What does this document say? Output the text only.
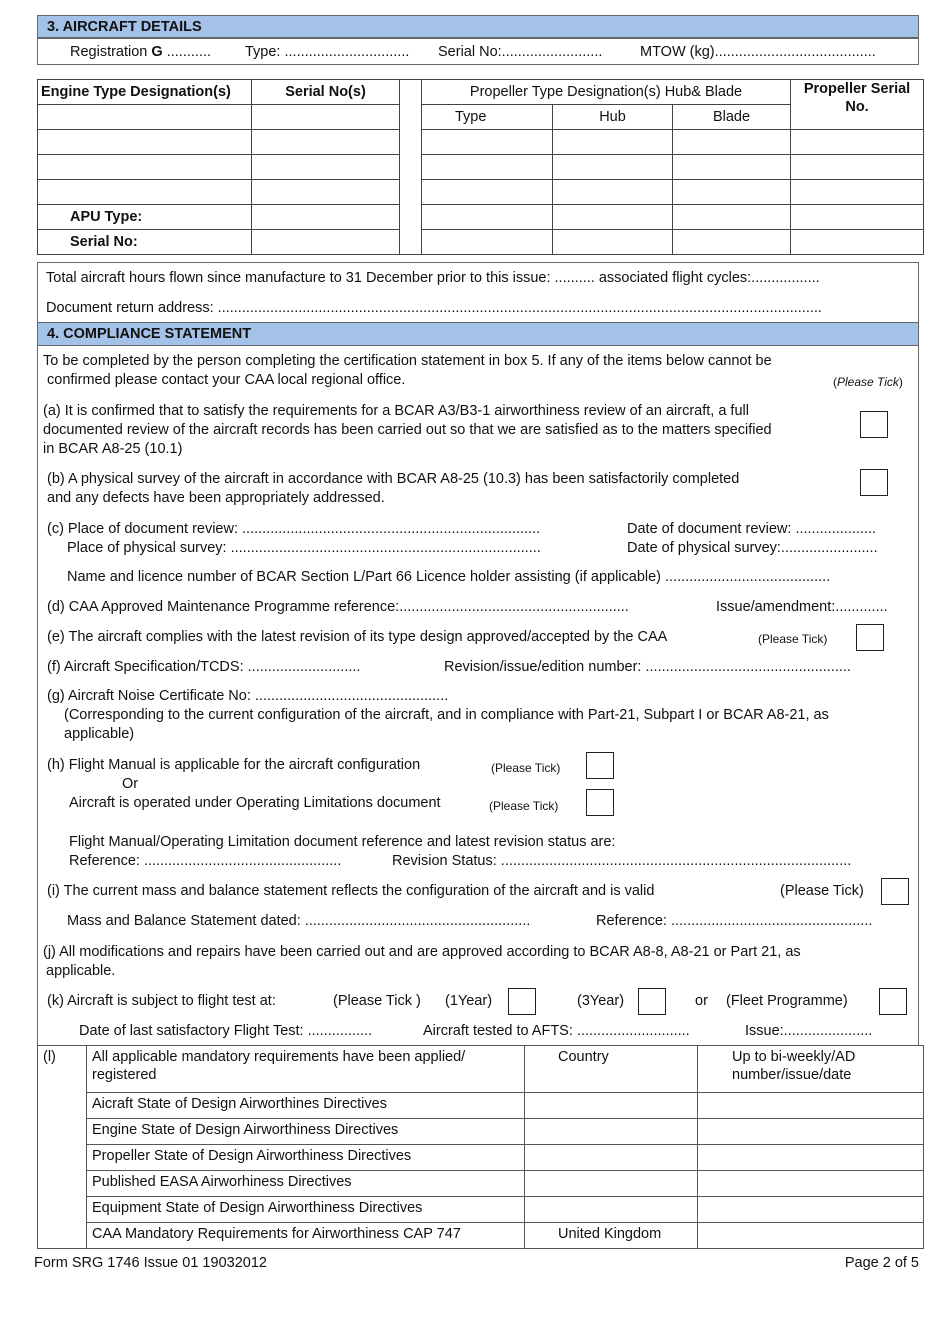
3. AIRCRAFT DETAILS
Registration G ........... Type: ............................... Serial No:.........................	MTOW (kg)........................................
Engine Type Designation(s)	Serial No(s)		Propeller Type Designation(s) Hub& Blade			Propeller Serial No.
			Type	Hub	Blade	

APU Type:						
Serial No:						
Total aircraft hours flown since manufacture to 31 December prior to this issue: .......... associated flight cycles:.................
Document return address: ......................................................................................................................................................
4. COMPLIANCE STATEMENT
To be completed by the person completing the certification statement in box 5. If any of the items below cannot be
confirmed please contact your CAA local regional office.	(Please Tick)
(a) It is confirmed that to satisfy the requirements for a BCAR A3/B3-1 airworthiness review of an aircraft, a full
documented review of the aircraft records has been carried out so that we are satisfied as to the matters specified
in BCAR A8-25 (10.1)
(b) A physical survey of the aircraft in accordance with BCAR A8-25 (10.3) has been satisfactorily completed
and any defects have been appropriately addressed.
(c) Place of document review: ..........................................................................	Date of document review: ....................
Place of physical survey: .............................................................................	Date of physical survey:........................
Name and licence number of BCAR Section L/Part 66 Licence holder assisting (if applicable) .........................................
(d) CAA Approved Maintenance Programme reference:.........................................................	Issue/amendment:.............
(e) The aircraft complies with the latest revision of its type design approved/accepted by the CAA	(Please Tick)
(f) Aircraft Specification/TCDS: ............................	Revision/issue/edition number: ...................................................
(g) Aircraft Noise Certificate No: ................................................
(Corresponding to the current configuration of the aircraft, and in compliance with Part-21, Subpart I or BCAR A8-21, as
applicable)
(h) Flight Manual is applicable for the aircraft configuration	(Please Tick)
Or
Aircraft is operated under Operating Limitations document	(Please Tick)
Flight Manual/Operating Limitation document reference and latest revision status are:
Reference: .................................................	Revision Status: .......................................................................................
(i) The current mass and balance statement reflects the configuration of the aircraft and is valid	(Please Tick)
Mass and Balance Statement dated: ........................................................	Reference: ..................................................
(j) All modifications and repairs have been carried out and are approved according to BCAR A8-8, A8-21 or Part 21, as
applicable.
(k) Aircraft is subject to flight test at:	(Please Tick ) (1Year)	(3Year)	or (Fleet Programme)
Date of last satisfactory Flight Test: ................	Aircraft tested to AFTS: ............................	Issue:......................
(l)	All applicable mandatory requirements have been applied/ registered	Country	Up to bi-weekly/AD number/issue/date
	Aicraft State of Design Airworthines Directives		
	Engine State of Design Airworthiness Directives		
	Propeller State of Design Airworthiness Directives		
	Published EASA Airworhiness Directives		
	Equipment State of Design Airworthiness Directives		
	CAA Mandatory Requirements for Airworthiness CAP 747	United Kingdom	
Form SRG 1746 Issue 01 19032012	Page 2 of 5
